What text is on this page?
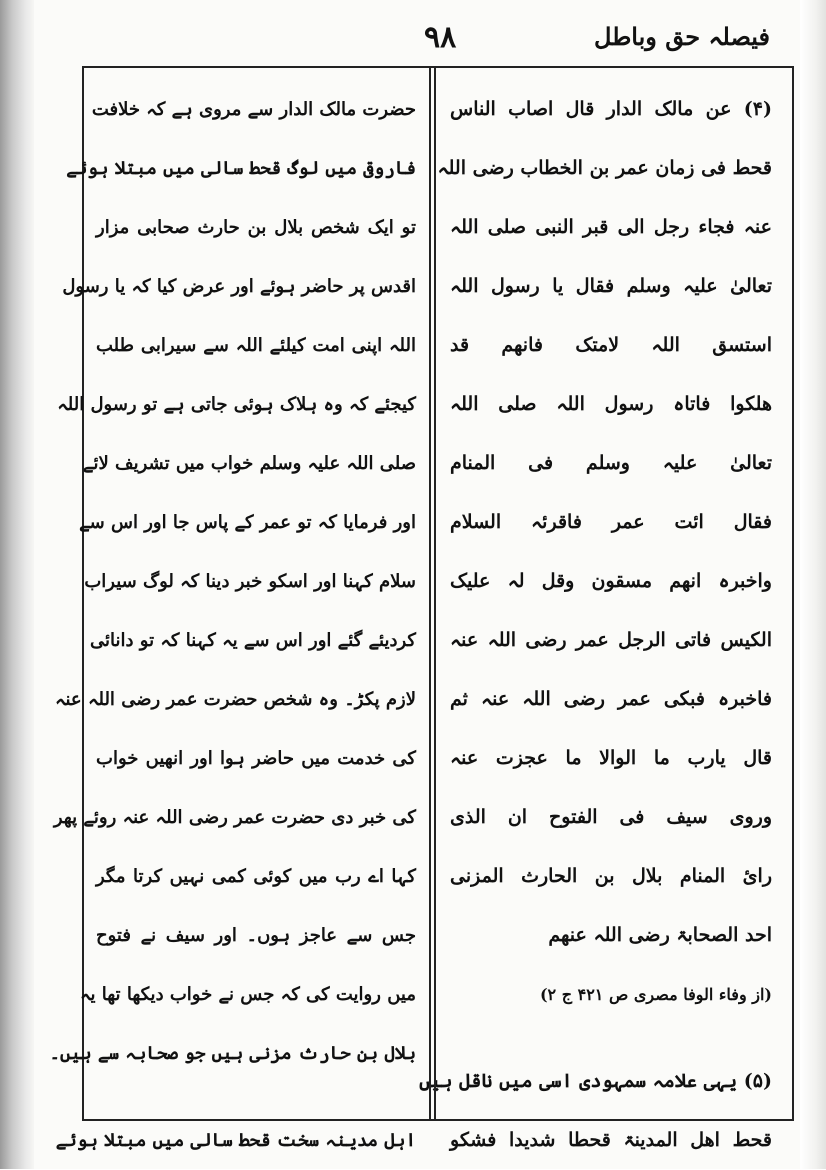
٩٨	فیصلہ حق وباطل
(۴) عن مالک الدار قال اصاب الناس
قحط فی زمان عمر بن الخطاب رضی اللہ
عنہ فجاء رجل الی قبر النبی صلی اللہ
تعالیٰ علیہ وسلم فقال یا رسول اللہ
استسق اللہ لامتک فانھم قد
ھلکوا فاتاہ رسول اللہ صلی اللہ
تعالیٰ علیہ وسلم فی المنام
فقال ائت عمر فاقرئہ السلام
واخبرہ انھم مسقون وقل لہ علیک
الکیس فاتی الرجل عمر رضی اللہ عنہ
فاخبرہ فبکی عمر رضی اللہ عنہ ثم
قال یارب ما الوالا ما عجزت عنہ
وروی سیف فی الفتوح ان الذی
رائ المنام بلال بن الحارث المزنی
احد الصحابۃ رضی اللہ عنھم
(از وفاء الوفا مصری ص ۴۲۱ ج ۲)
(۵) یہی علامہ سمہودی اسی میں ناقل ہیں
قحط اھل المدینۃ قحطا شدیدا فشکو
حضرت مالک الدار سے مروی ہے کہ خلافت
فاروقی میں لوگ قحط سالی میں مبتلا ہوئے
تو ایک شخص بلال بن حارث صحابی مزار
اقدس پر حاضر ہوئے اور عرض کیا کہ یا رسول
اللہ اپنی امت کیلئے اللہ سے سیرابی طلب
کیجئے کہ وہ ہلاک ہوئی جاتی ہے تو رسول اللہ
صلی اللہ علیہ وسلم خواب میں تشریف لائے
اور فرمایا کہ تو عمر کے پاس جا اور اس سے
سلام کہنا اور اسکو خبر دینا کہ لوگ سیراب
کردیئے گئے اور اس سے یہ کہنا کہ تو دانائی
لازم پکڑ۔ وہ شخص حضرت عمر رضی اللہ عنہ
کی خدمت میں حاضر ہوا اور انھیں خواب
کی خبر دی حضرت عمر رضی اللہ عنہ روئے پھر
کہا اے رب میں کوئی کمی نہیں کرتا مگر
جس سے عاجز ہوں۔ اور سیف نے فتوح
میں روایت کی کہ جس نے خواب دیکھا تھا یہ
بلال بن حارث مزنی ہیں جو صحابہ سے ہیں۔
اہل مدینہ سخت قحط سالی میں مبتلا ہوئے
